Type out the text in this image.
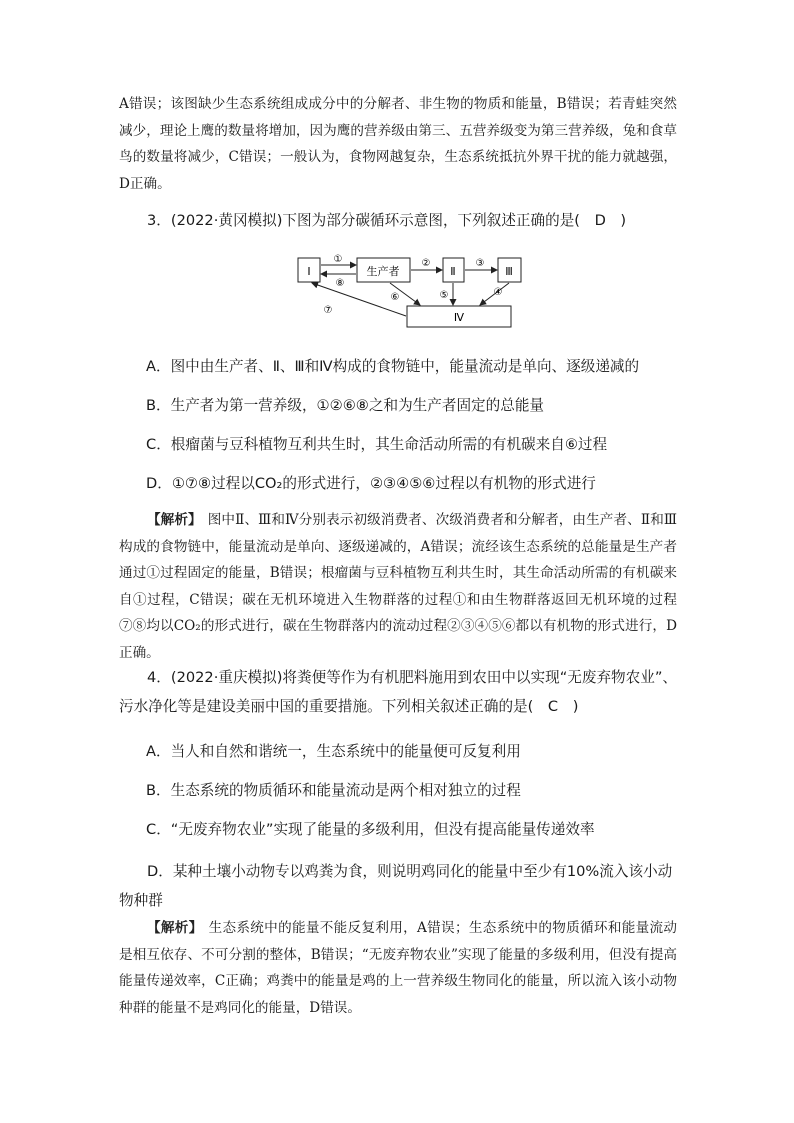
A错误；该图缺少生态系统组成成分中的分解者、非生物的物质和能量，B错误；若青蛙突然减少，理论上鹰的数量将增加，因为鹰的营养级由第三、五营养级变为第三营养级，兔和食草鸟的数量将减少，C错误；一般认为，食物网越复杂，生态系统抵抗外界干扰的能力就越强，D正确。
3．(2022·黄冈模拟)下图为部分碳循环示意图，下列叙述正确的是(　D　)
Ⅰ	生产者	Ⅱ	Ⅲ
Ⅳ
①
⑧
②	③
⑤	④
⑥
⑦
A．图中由生产者、Ⅱ、Ⅲ和Ⅳ构成的食物链中，能量流动是单向、逐级递减的
B．生产者为第一营养级，①②⑥⑧之和为生产者固定的总能量
C．根瘤菌与豆科植物互利共生时，其生命活动所需的有机碳来自⑥过程
D．①⑦⑧过程以CO₂的形式进行，②③④⑤⑥过程以有机物的形式进行
【解析】 图中Ⅱ、Ⅲ和Ⅳ分别表示初级消费者、次级消费者和分解者，由生产者、Ⅱ和Ⅲ构成的食物链中，能量流动是单向、逐级递减的，A错误；流经该生态系统的总能量是生产者通过①过程固定的能量，B错误；根瘤菌与豆科植物互利共生时，其生命活动所需的有机碳来自①过程，C错误；碳在无机环境进入生物群落的过程①和由生物群落返回无机环境的过程⑦⑧均以CO₂的形式进行，碳在生物群落内的流动过程②③④⑤⑥都以有机物的形式进行，D正确。
4．(2022·重庆模拟)将粪便等作为有机肥料施用到农田中以实现“无废弃物农业”、污水净化等是建设美丽中国的重要措施。下列相关叙述正确的是(　C　)
A．当人和自然和谐统一，生态系统中的能量便可反复利用
B．生态系统的物质循环和能量流动是两个相对独立的过程
C．“无废弃物农业”实现了能量的多级利用，但没有提高能量传递效率
D．某种土壤小动物专以鸡粪为食，则说明鸡同化的能量中至少有10%流入该小动物种群
【解析】 生态系统中的能量不能反复利用，A错误；生态系统中的物质循环和能量流动是相互依存、不可分割的整体，B错误；“无废弃物农业”实现了能量的多级利用，但没有提高能量传递效率，C正确；鸡粪中的能量是鸡的上一营养级生物同化的能量，所以流入该小动物种群的能量不是鸡同化的能量，D错误。
